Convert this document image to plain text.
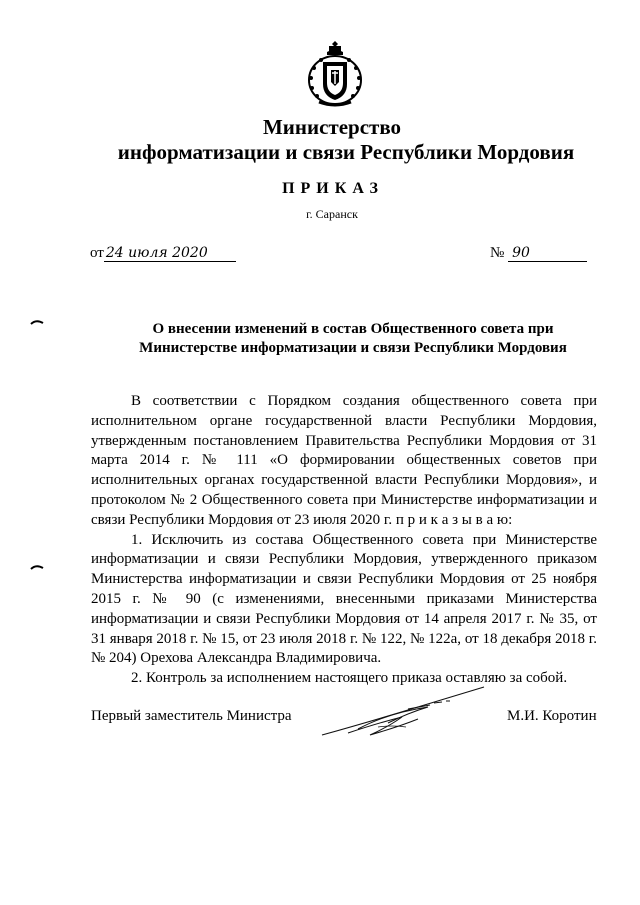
Министерство
информатизации и связи Республики Мордовия
ПРИКАЗ
г. Саранск
от 24 июля 2020	№ 90
О внесении изменений в состав Общественного совета при
Министерстве информатизации и связи Республики Мордовия

В соответствии с Порядком создания общественного совета при исполнительном органе государственной власти Республики Мордовия, утвержденным постановлением Правительства Республики Мордовия от 31 марта 2014 г. № 111 «О формировании общественных советов при исполнительных органах государственной власти Республики Мордовия», и протоколом № 2 Общественного совета при Министерстве информатизации и связи Республики Мордовия от 23 июля 2020 г. п р и к а з ы в а ю:

1. Исключить из состава Общественного совета при Министерстве информатизации и связи Республики Мордовия, утвержденного приказом Министерства информатизации и связи Республики Мордовия от 25 ноября 2015 г. № 90 (с изменениями, внесенными приказами Министерства информатизации и связи Республики Мордовия от 14 апреля 2017 г. № 35, от 31 января 2018 г. № 15, от 23 июля 2018 г. № 122, № 122а, от 18 декабря 2018 г. № 204) Орехова Александра Владимировича.

2. Контроль за исполнением настоящего приказа оставляю за собой.

Первый заместитель Министра	М.И. Коротин
